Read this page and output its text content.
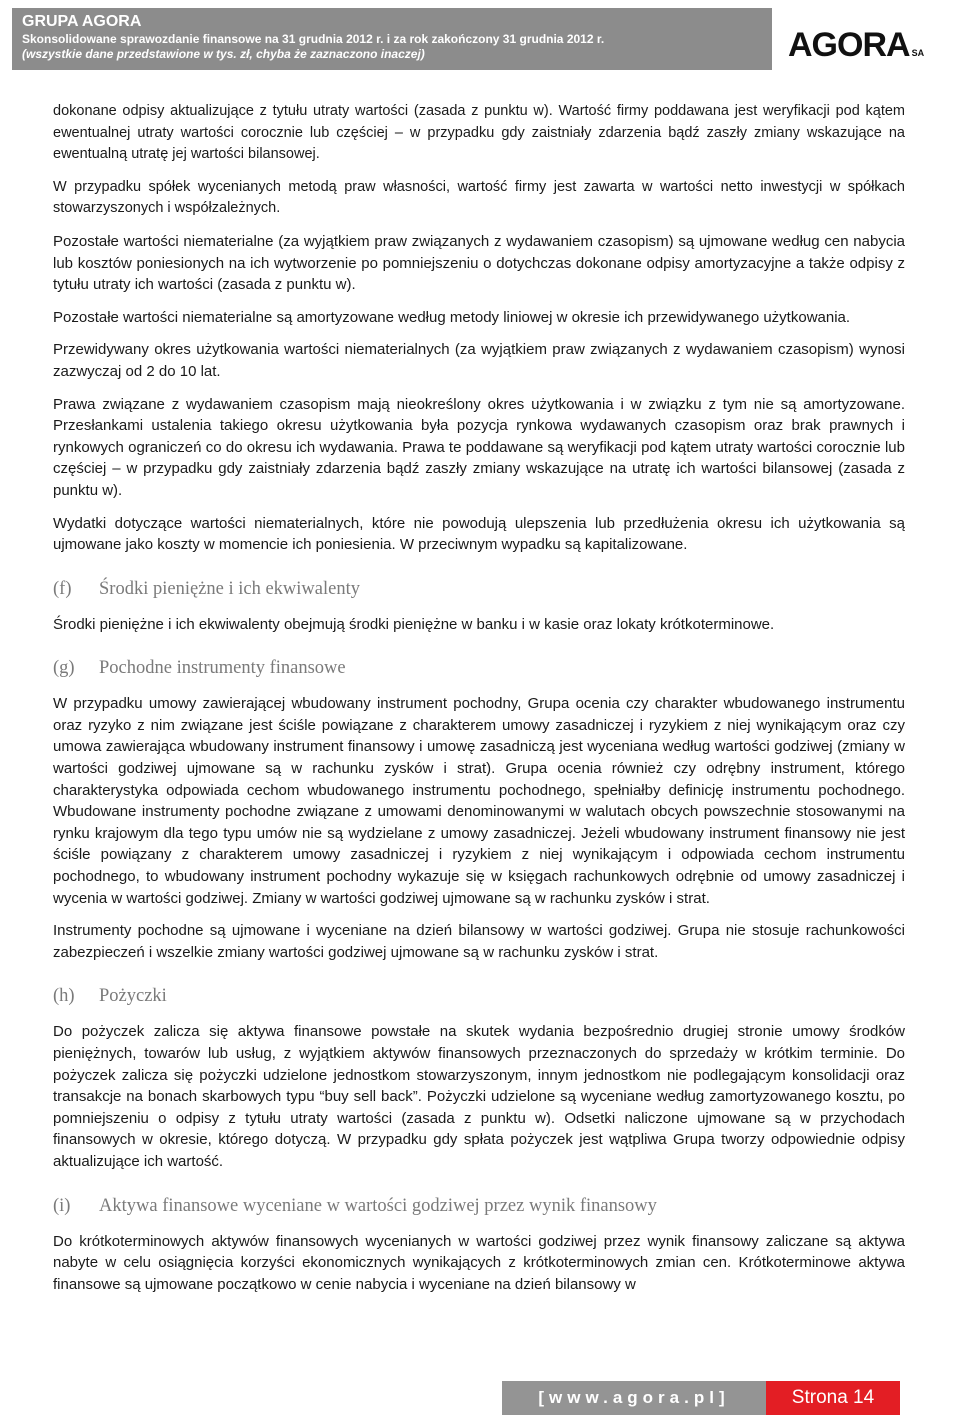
GRUPA AGORA
Skonsolidowane sprawozdanie finansowe na 31 grudnia 2012 r. i za rok zakończony 31 grudnia 2012 r.
(wszystkie dane przedstawione w tys. zł, chyba że zaznaczono inaczej)	AGORA SA

dokonane odpisy aktualizujące z tytułu utraty wartości (zasada z punktu w). Wartość firmy poddawana jest weryfikacji pod kątem ewentualnej utraty wartości corocznie lub częściej – w przypadku gdy zaistniały zdarzenia bądź zaszły zmiany wskazujące na ewentualną utratę jej wartości bilansowej.

W przypadku spółek wycenianych metodą praw własności, wartość firmy jest zawarta w wartości netto inwestycji w spółkach stowarzyszonych i współzależnych.

Pozostałe wartości niematerialne (za wyjątkiem praw związanych z wydawaniem czasopism) są ujmowane według cen nabycia lub kosztów poniesionych na ich wytworzenie po pomniejszeniu o dotychczas dokonane odpisy amortyzacyjne a także odpisy z tytułu utraty ich wartości (zasada z punktu w).

Pozostałe wartości niematerialne są amortyzowane według metody liniowej w okresie ich przewidywanego użytkowania.

Przewidywany okres użytkowania wartości niematerialnych (za wyjątkiem praw związanych z wydawaniem czasopism) wynosi zazwyczaj od 2 do 10 lat.

Prawa związane z wydawaniem czasopism mają nieokreślony okres użytkowania i w związku z tym nie są amortyzowane. Przesłankami ustalenia takiego okresu użytkowania była pozycja rynkowa wydawanych czasopism oraz brak prawnych i rynkowych ograniczeń co do okresu ich wydawania. Prawa te poddawane są weryfikacji pod kątem utraty wartości corocznie lub częściej – w przypadku gdy zaistniały zdarzenia bądź zaszły zmiany wskazujące na utratę ich wartości bilansowej (zasada z punktu w).

Wydatki dotyczące wartości niematerialnych, które nie powodują ulepszenia lub przedłużenia okresu ich użytkowania są ujmowane jako koszty w momencie ich poniesienia. W przeciwnym wypadku są kapitalizowane.

(f)	Środki pieniężne i ich ekwiwalenty

Środki pieniężne i ich ekwiwalenty obejmują środki pieniężne w banku i w kasie oraz lokaty krótkoterminowe.

(g)	Pochodne instrumenty finansowe

W przypadku umowy zawierającej wbudowany instrument pochodny, Grupa ocenia czy charakter wbudowanego instrumentu oraz ryzyko z nim związane jest ściśle powiązane z charakterem umowy zasadniczej i ryzykiem z niej wynikającym oraz czy umowa zawierająca wbudowany instrument finansowy i umowę zasadniczą jest wyceniana według wartości godziwej (zmiany w wartości godziwej ujmowane są w rachunku zysków i strat). Grupa ocenia również czy odrębny instrument, którego charakterystyka odpowiada cechom wbudowanego instrumentu pochodnego, spełniałby definicję instrumentu pochodnego. Wbudowane instrumenty pochodne związane z umowami denominowanymi w walutach obcych powszechnie stosowanymi na rynku krajowym dla tego typu umów nie są wydzielane z umowy zasadniczej. Jeżeli wbudowany instrument finansowy nie jest ściśle powiązany z charakterem umowy zasadniczej i ryzykiem z niej wynikającym i odpowiada cechom instrumentu pochodnego, to wbudowany instrument pochodny wykazuje się w księgach rachunkowych odrębnie od umowy zasadniczej i wycenia w wartości godziwej. Zmiany w wartości godziwej ujmowane są w rachunku zysków i strat.

Instrumenty pochodne są ujmowane i wyceniane na dzień bilansowy w wartości godziwej. Grupa nie stosuje rachunkowości zabezpieczeń i wszelkie zmiany wartości godziwej ujmowane są w rachunku zysków i strat.

(h)	Pożyczki

Do pożyczek zalicza się aktywa finansowe powstałe na skutek wydania bezpośrednio drugiej stronie umowy środków pieniężnych, towarów lub usług, z wyjątkiem aktywów finansowych przeznaczonych do sprzedaży w krótkim terminie. Do pożyczek zalicza się pożyczki udzielone jednostkom stowarzyszonym, innym jednostkom nie podlegającym konsolidacji oraz transakcje na bonach skarbowych typu “buy sell back”. Pożyczki udzielone są wyceniane według zamortyzowanego kosztu, po pomniejszeniu o odpisy z tytułu utraty wartości (zasada z punktu w). Odsetki naliczone ujmowane są w przychodach finansowych w okresie, którego dotyczą. W przypadku gdy spłata pożyczek jest wątpliwa Grupa tworzy odpowiednie odpisy aktualizujące ich wartość.

(i)	Aktywa finansowe wyceniane w wartości godziwej przez wynik finansowy

Do krótkoterminowych aktywów finansowych wycenianych w wartości godziwej przez wynik finansowy zaliczane są aktywa nabyte w celu osiągnięcia korzyści ekonomicznych wynikających z krótkoterminowych zmian cen. Krótkoterminowe aktywa finansowe są ujmowane początkowo w cenie nabycia i wyceniane na dzień bilansowy w

[www.agora.pl]	Strona 14
